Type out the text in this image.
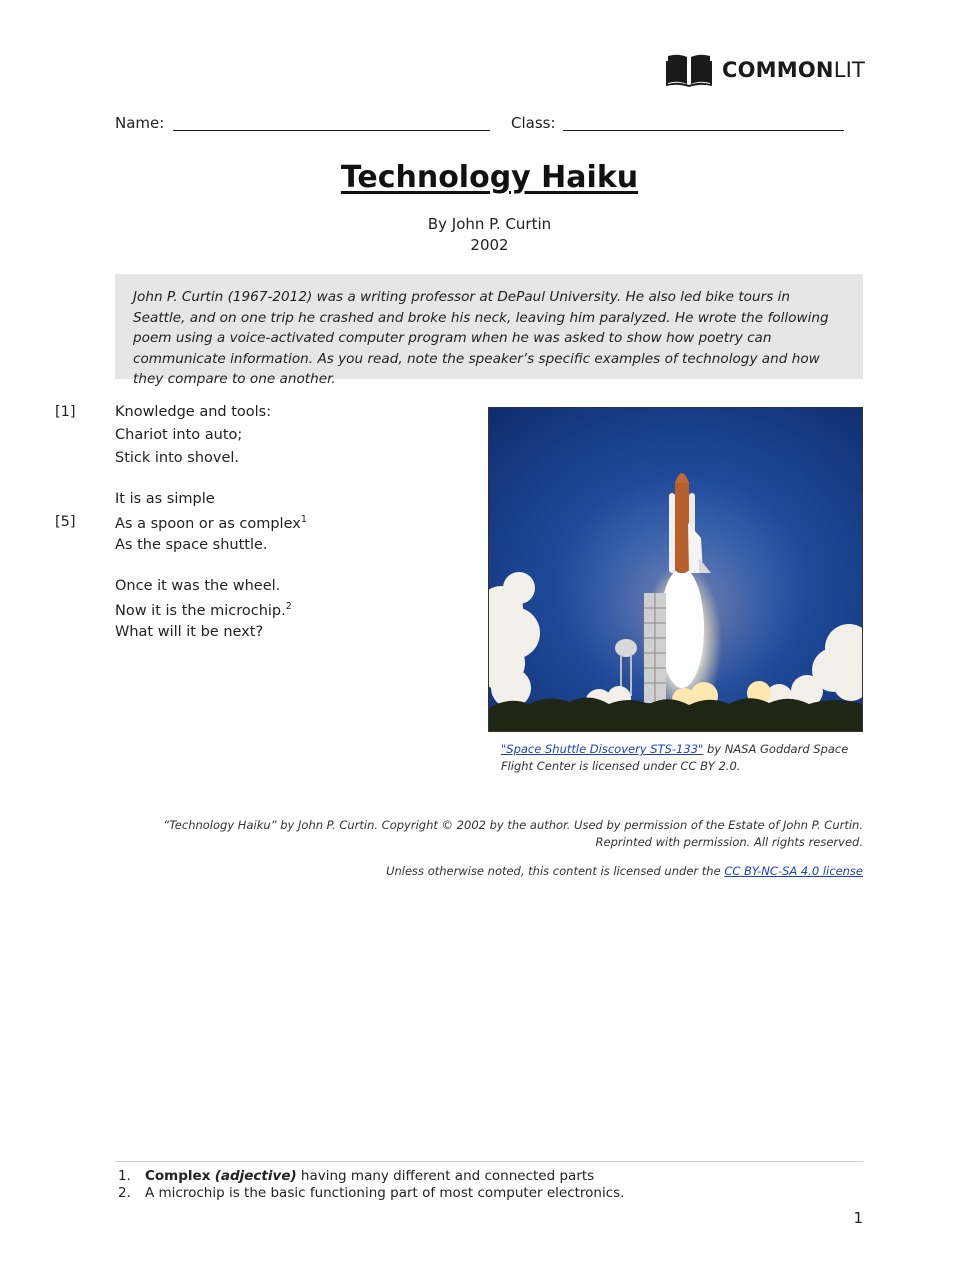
COMMONLIT
Name:	Class:
Technology Haiku
By John P. Curtin
2002
John P. Curtin (1967-2012) was a writing professor at DePaul University. He also led bike tours in Seattle, and on one trip he crashed and broke his neck, leaving him paralyzed. He wrote the following poem using a voice-activated computer program when he was asked to show how poetry can communicate information. As you read, note the speaker’s specific examples of technology and how they compare to one another.
[1]
[5]
Knowledge and tools:
Chariot into auto;
Stick into shovel.
It is as simple
As a spoon or as complex$^1$
As the space shuttle.
Once it was the wheel.
Now it is the microchip.$^2$
What will it be next?
"Space Shuttle Discovery STS-133" by NASA Goddard Space Flight Center is licensed under CC BY 2.0.
“Technology Haiku” by John P. Curtin. Copyright © 2002 by the author. Used by permission of the Estate of John P. Curtin. Reprinted with permission. All rights reserved.
Unless otherwise noted, this content is licensed under the CC BY-NC-SA 4.0 license
1. Complex (adjective) having many different and connected parts
2. A microchip is the basic functioning part of most computer electronics.
1
